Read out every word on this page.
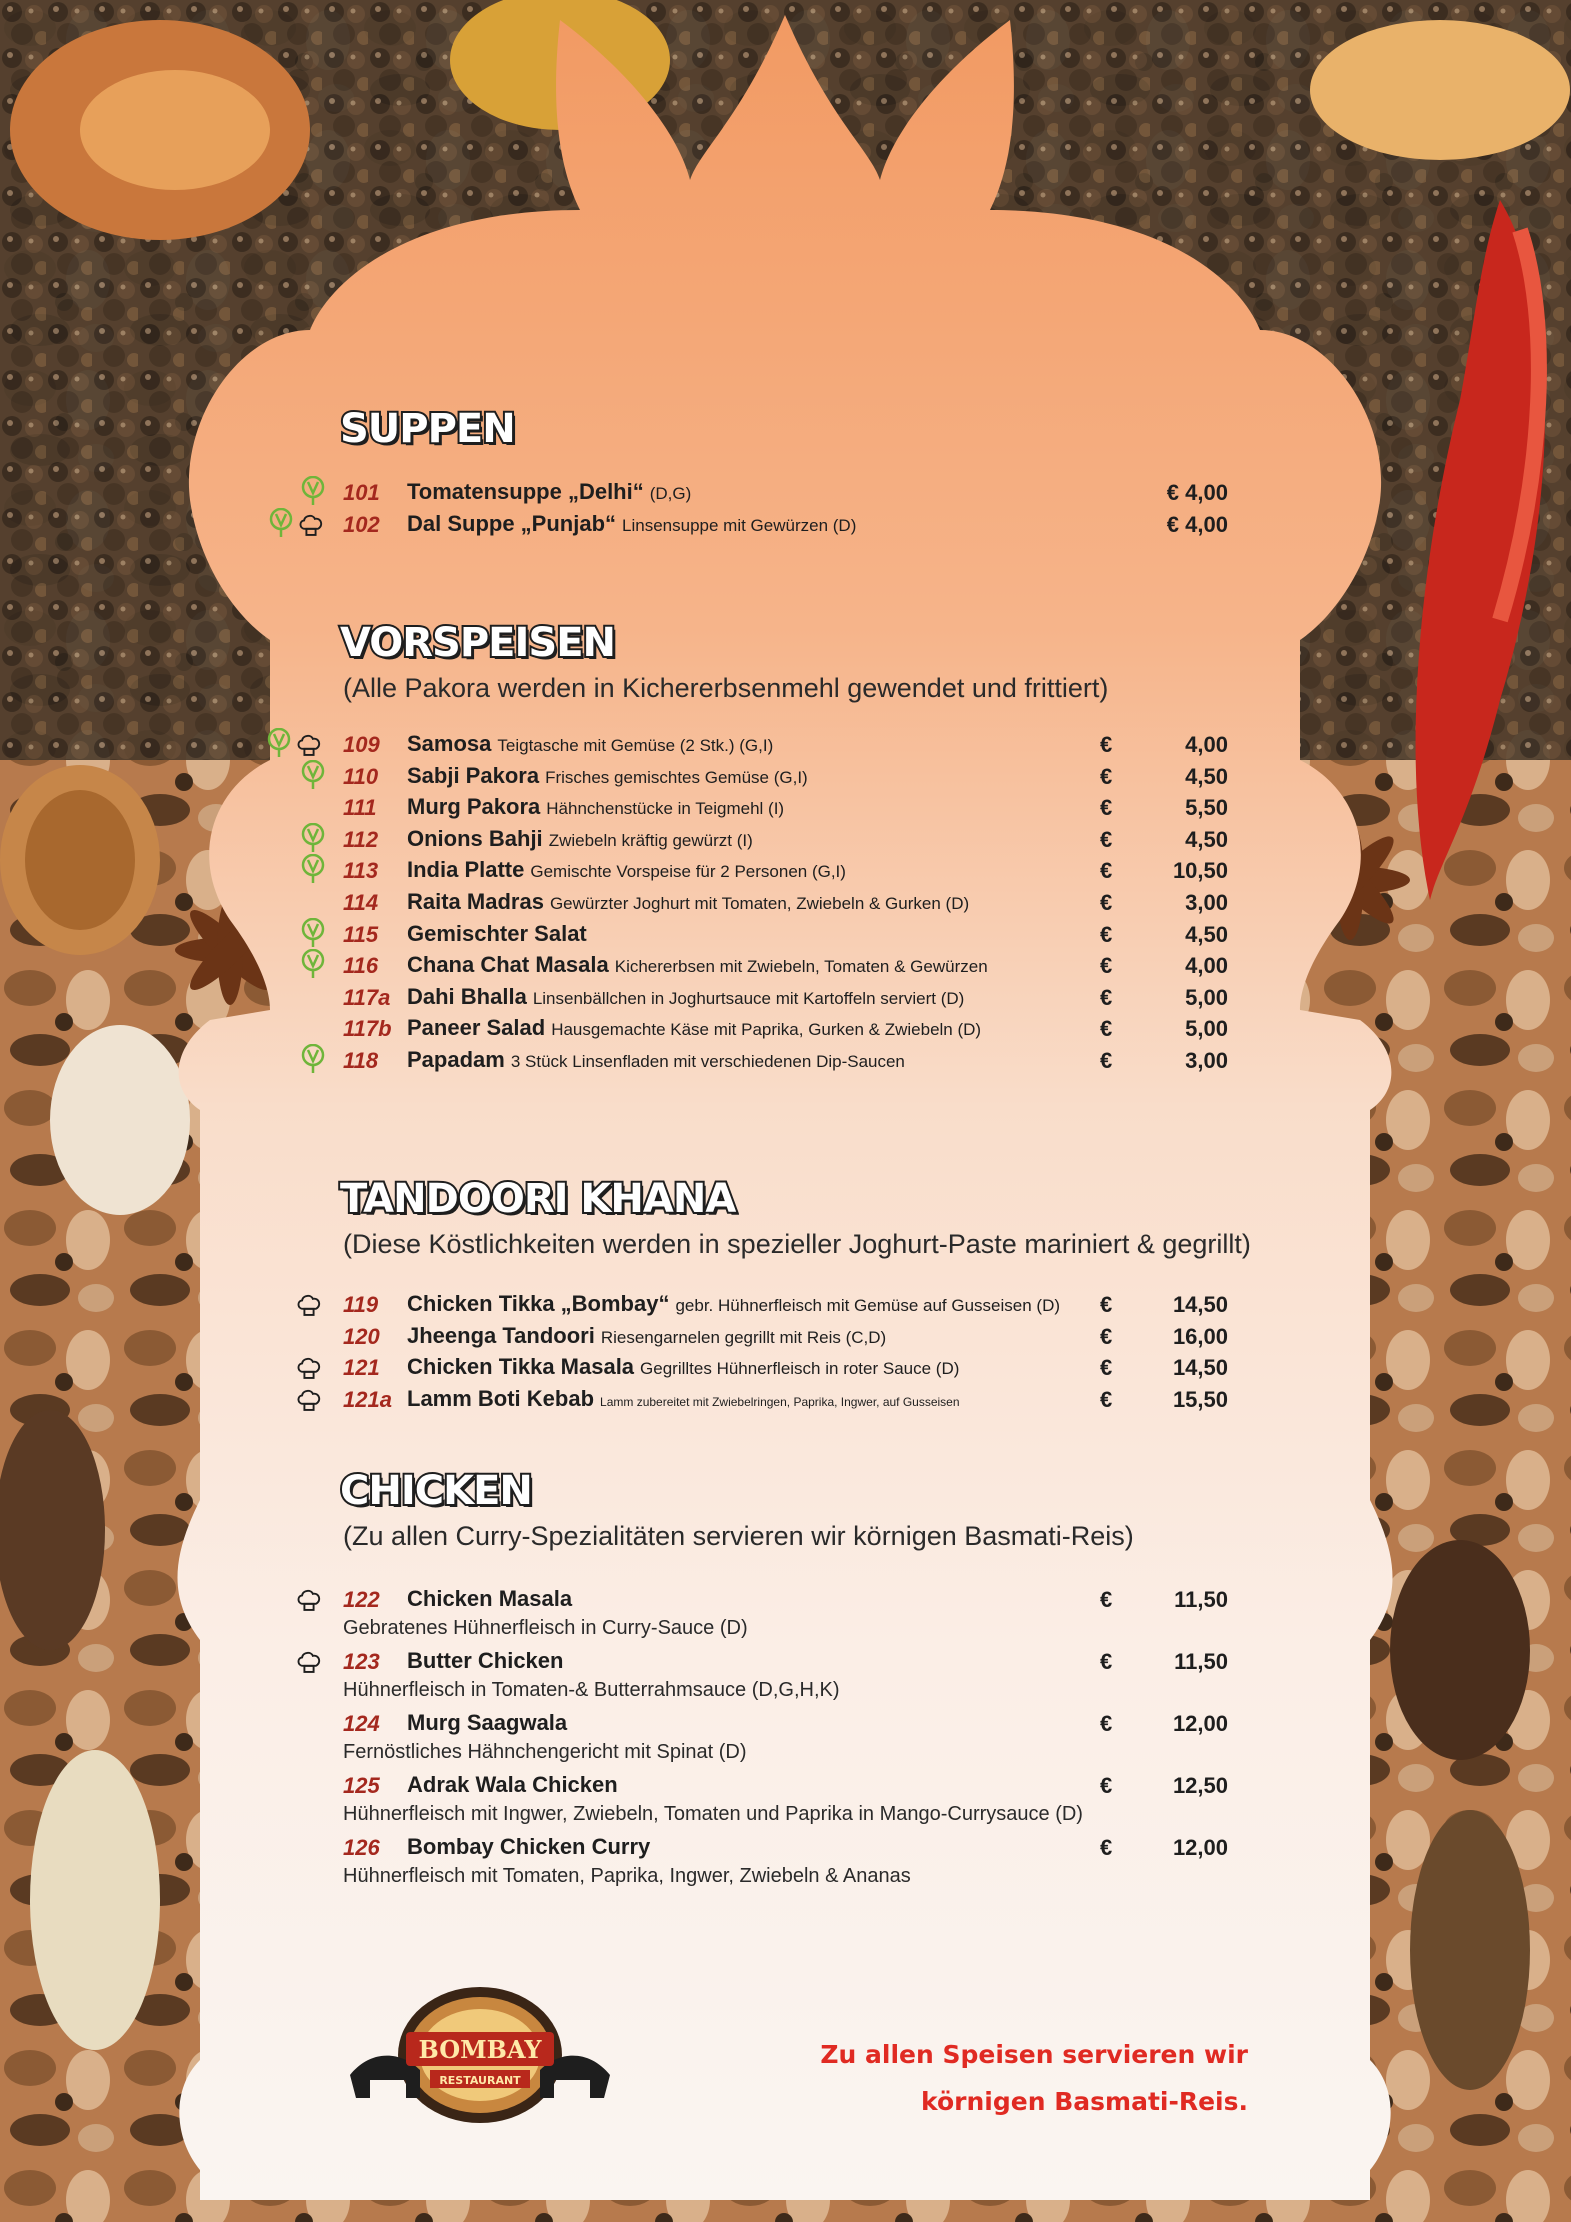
SUPPEN
101 Tomatensuppe „Delhi“ (D,G)	€ 4,00
102 Dal Suppe „Punjab“ Linsensuppe mit Gewürzen (D)	€ 4,00
VORSPEISEN
(Alle Pakora werden in Kichererbsenmehl gewendet und frittiert)
109 Samosa Teigtasche mit Gemüse (2 Stk.) (G,I)	€	4,00
110 Sabji Pakora Frisches gemischtes Gemüse (G,I)	€	4,50
111 Murg Pakora Hähnchenstücke in Teigmehl (I)	€	5,50
112 Onions Bahji Zwiebeln kräftig gewürzt (I)	€	4,50
113 India Platte Gemischte Vorspeise für 2 Personen (G,I)	€	10,50
114 Raita Madras Gewürzter Joghurt mit Tomaten, Zwiebeln & Gurken (D)	€	3,00
115 Gemischter Salat	€	4,50
116 Chana Chat Masala Kichererbsen mit Zwiebeln, Tomaten & Gewürzen	€	4,00
117a Dahi Bhalla Linsenbällchen in Joghurtsauce mit Kartoffeln serviert (D)	€	5,00
117b Paneer Salad Hausgemachte Käse mit Paprika, Gurken & Zwiebeln (D)	€	5,00
118 Papadam 3 Stück Linsenfladen mit verschiedenen Dip-Saucen	€	3,00
TANDOORI KHANA
(Diese Köstlichkeiten werden in spezieller Joghurt-Paste mariniert & gegrillt)
119 Chicken Tikka „Bombay“ gebr. Hühnerfleisch mit Gemüse auf Gusseisen (D) €	14,50
120 Jheenga Tandoori Riesengarnelen gegrillt mit Reis (C,D)	€	16,00
121 Chicken Tikka Masala Gegrilltes Hühnerfleisch in roter Sauce (D)	€	14,50
121a Lamm Boti Kebab Lamm zubereitet mit Zwiebelringen, Paprika, Ingwer, auf Gusseisen	€	15,50
CHICKEN
(Zu allen Curry-Spezialitäten servieren wir körnigen Basmati-Reis)
122 Chicken Masala	€	11,50
Gebratenes Hühnerfleisch in Curry-Sauce (D)
123 Butter Chicken	€	11,50
Hühnerfleisch in Tomaten-& Butterrahmsauce (D,G,H,K)
124 Murg Saagwala	€	12,00
Fernöstliches Hähnchengericht mit Spinat (D)
125 Adrak Wala Chicken	€	12,50
Hühnerfleisch mit Ingwer, Zwiebeln, Tomaten und Paprika in Mango-Currysauce (D)
126 Bombay Chicken Curry	€	12,00
Hühnerfleisch mit Tomaten, Paprika, Ingwer, Zwiebeln & Ananas
BOMBAY
RESTAURANT
Zu allen Speisen servieren wir
körnigen Basmati-Reis.
